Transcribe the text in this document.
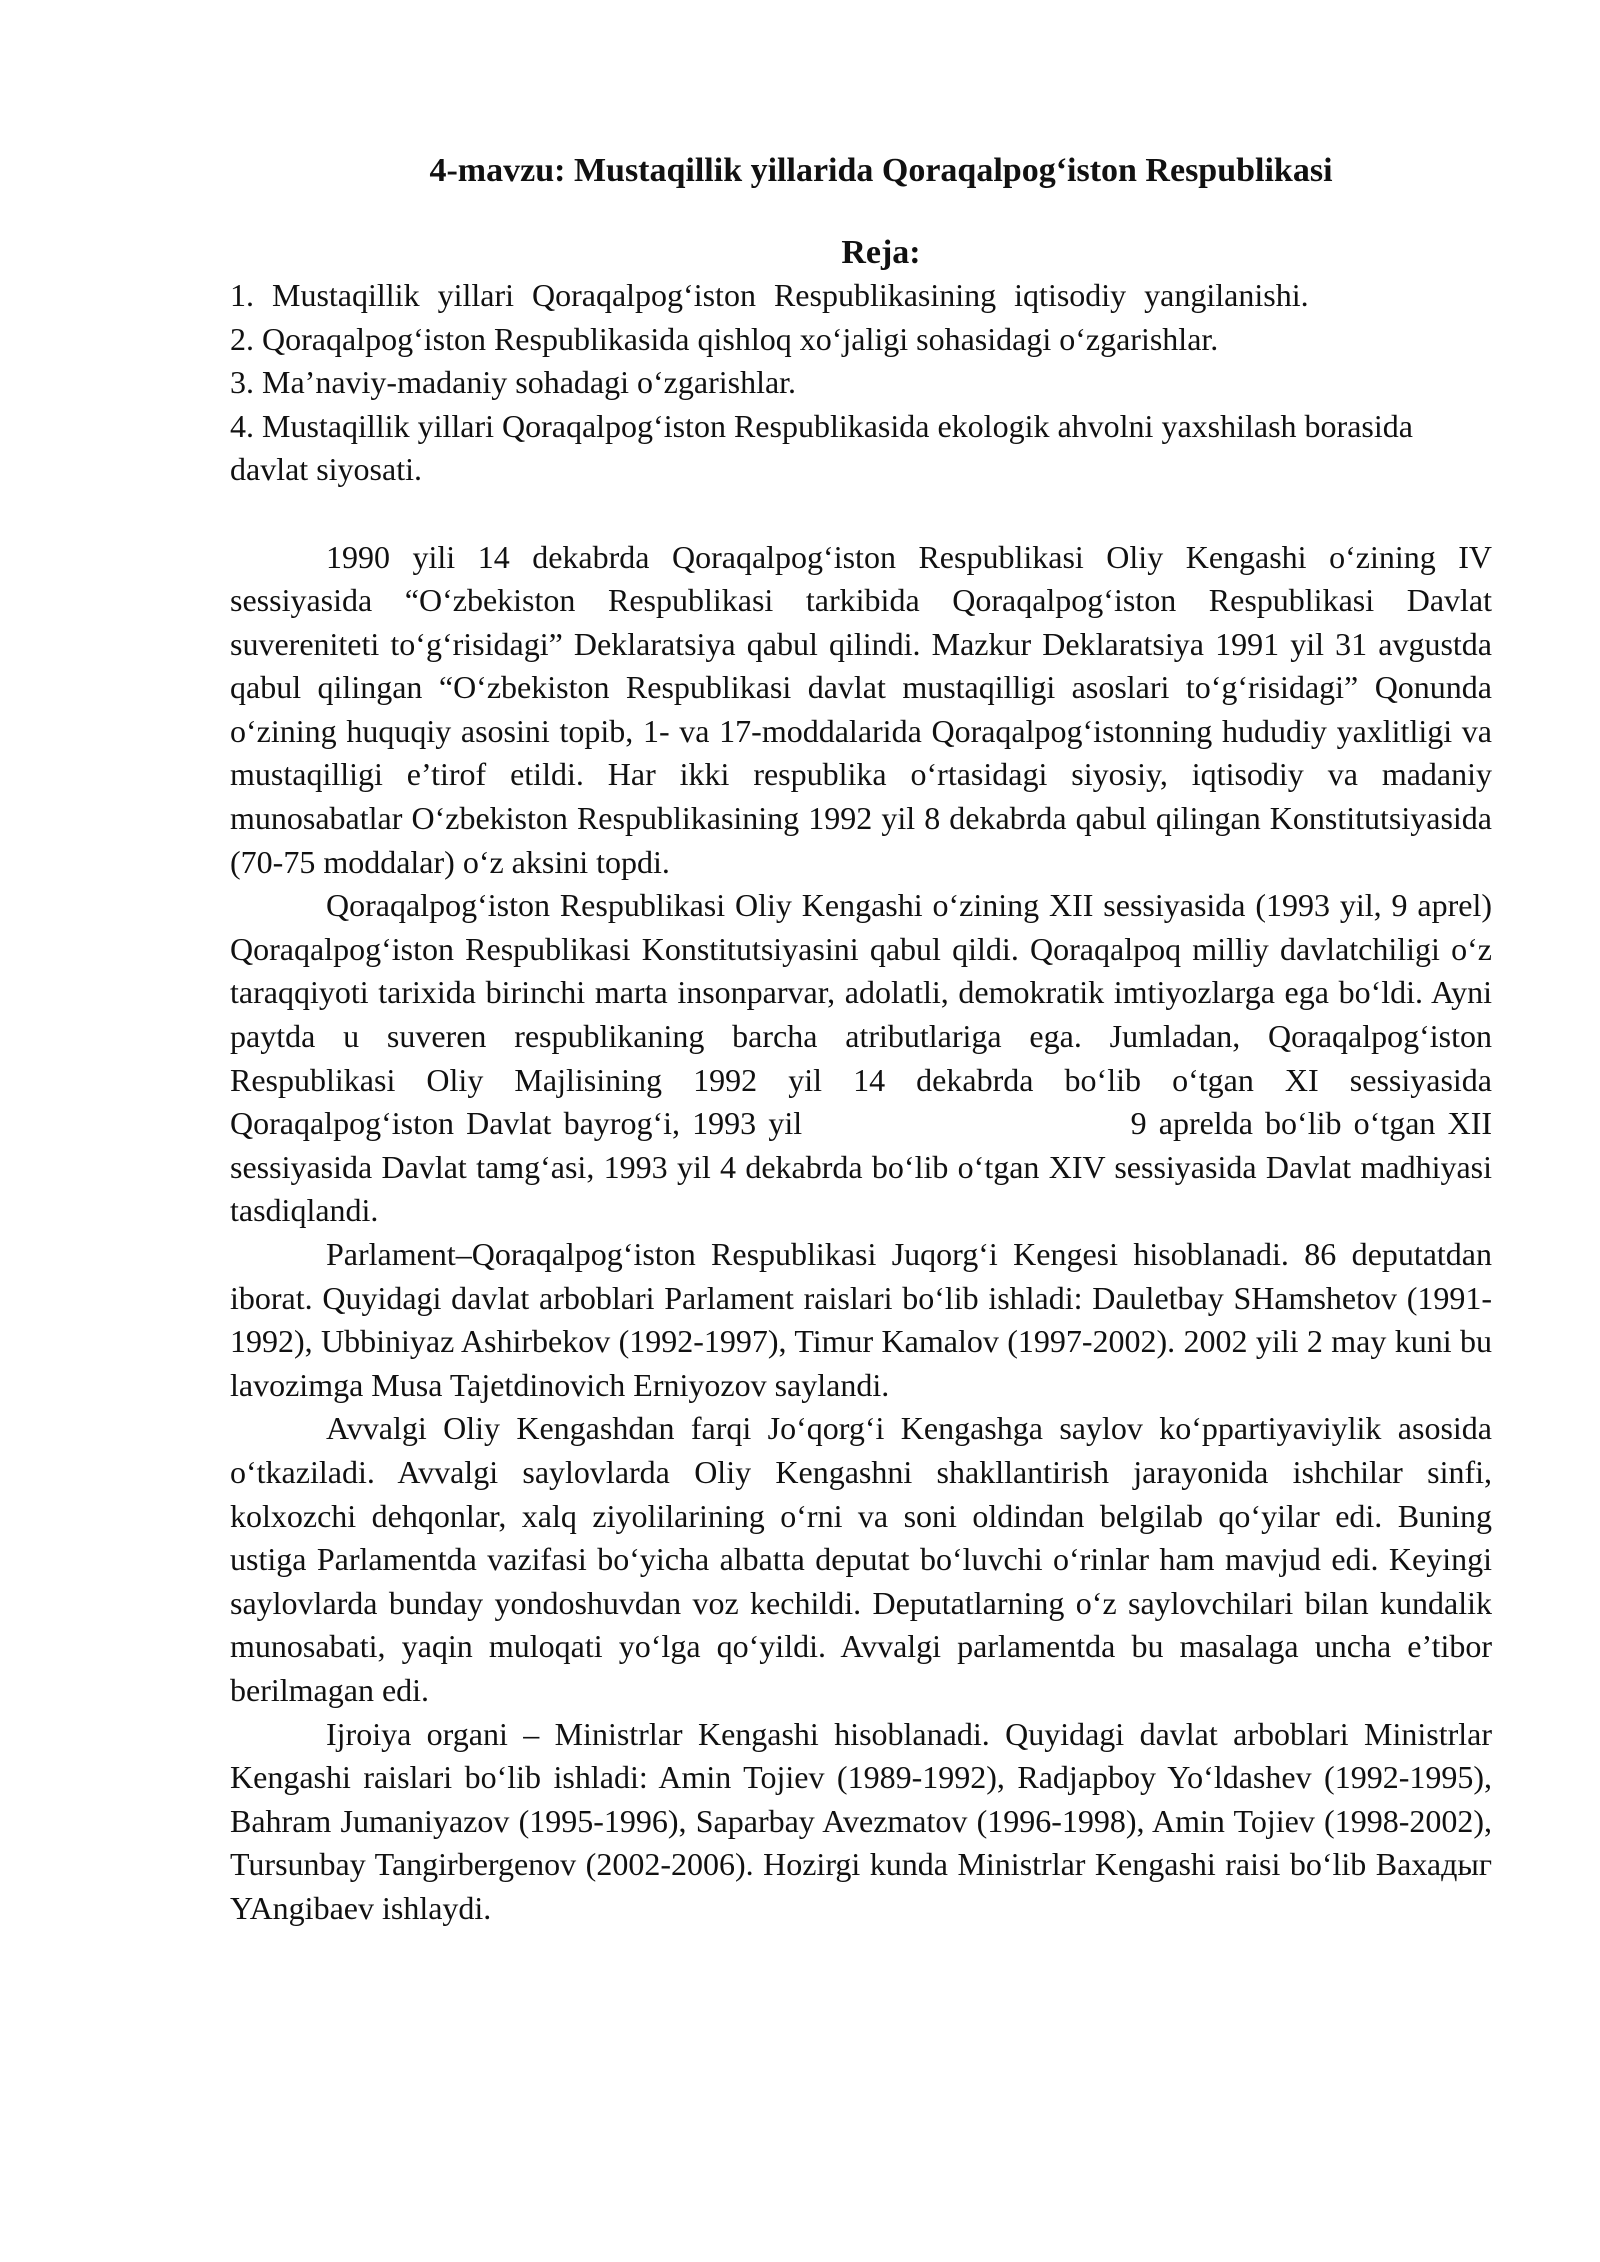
4-mavzu: Mustaqillik yillarida Qoraqalpog‘iston Respublikasi
Reja:
1. Mustaqillik yillari Qoraqalpog‘iston Respublikasining iqtisodiy yangilanishi.
2. Qoraqalpog‘iston Respublikasida qishloq xo‘jaligi sohasidagi o‘zgarishlar.
3. Ma’naviy-madaniy sohadagi o‘zgarishlar.
4. Mustaqillik yillari Qoraqalpog‘iston Respublikasida ekologik ahvolni yaxshilash borasida davlat siyosati.

1990 yili 14 dekabrda Qoraqalpog‘iston Respublikasi Oliy Kengashi o‘zining IV sessiyasida “O‘zbekiston Respublikasi tarkibida Qoraqalpog‘iston Respublikasi Davlat suvereniteti to‘g‘risidagi” Deklaratsiya qabul qilindi. Mazkur Deklaratsiya 1991 yil 31 avgustda qabul qilingan “O‘zbekiston Respublikasi davlat mustaqilligi asoslari to‘g‘risidagi” Qonunda o‘zining huquqiy asosini topib, 1- va 17-moddalarida Qoraqalpog‘istonning hududiy yaxlitligi va mustaqilligi e’tirof etildi. Har ikki respublika o‘rtasidagi siyosiy, iqtisodiy va madaniy munosabatlar O‘zbekiston Respublikasining 1992 yil 8 dekabrda qabul qilingan Konstitutsiyasida (70-75 moddalar) o‘z aksini topdi.

Qoraqalpog‘iston Respublikasi Oliy Kengashi o‘zining XII sessiyasida (1993 yil, 9 aprel) Qoraqalpog‘iston Respublikasi Konstitutsiyasini qabul qildi. Qoraqalpoq milliy davlatchiligi o‘z taraqqiyoti tarixida birinchi marta insonparvar, adolatli, demokratik imtiyozlarga ega bo‘ldi. Ayni paytda u suveren respublikaning barcha atributlariga ega. Jumladan, Qoraqalpog‘iston Respublikasi Oliy Majlisining 1992 yil 14 dekabrda bo‘lib o‘tgan XI sessiyasida Qoraqalpog‘iston Davlat bayrog‘i, 1993 yil                           9 aprelda bo‘lib o‘tgan XII sessiyasida Davlat tamg‘asi, 1993 yil 4 dekabrda bo‘lib o‘tgan XIV sessiyasida Davlat madhiyasi tasdiqlandi.

Parlament–Qoraqalpog‘iston Respublikasi Juqorg‘i Kengesi hisoblanadi. 86 deputatdan iborat. Quyidagi davlat arboblari Parlament raislari bo‘lib ishladi: Dauletbay SHamshetov (1991-1992), Ubbiniyaz Ashirbekov (1992-1997), Timur Kamalov (1997-2002). 2002 yili 2 may kuni bu lavozimga Musa Tajetdinovich Erniyozov saylandi.

Avvalgi Oliy Kengashdan farqi Jo‘qorg‘i Kengashga saylov ko‘ppartiyaviylik asosida o‘tkaziladi. Avvalgi saylovlarda Oliy Kengashni shakllantirish jarayonida ishchilar sinfi, kolxozchi dehqonlar, xalq ziyolilarining o‘rni va soni oldindan belgilab qo‘yilar edi. Buning ustiga Parlamentda vazifasi bo‘yicha albatta deputat bo‘luvchi o‘rinlar ham mavjud edi. Keyingi saylovlarda bunday yondoshuvdan voz kechildi. Deputatlarning o‘z saylovchilari bilan kundalik munosabati, yaqin muloqati yo‘lga qo‘yildi. Avvalgi parlamentda bu masalaga uncha e’tibor berilmagan edi.

Ijroiya organi – Ministrlar Kengashi hisoblanadi. Quyidagi davlat arboblari Ministrlar Kengashi raislari bo‘lib ishladi: Amin Tojiev (1989-1992), Radjapboy Yo‘ldashev (1992-1995), Bahram Jumaniyazov (1995-1996), Saparbay Avezmatov (1996-1998), Amin Tojiev (1998-2002), Tursunbay Tangirbergenov (2002-2006). Hozirgi kunda Ministrlar Kengashi raisi bo‘lib Вахадыг YAngibaev ishlaydi.
